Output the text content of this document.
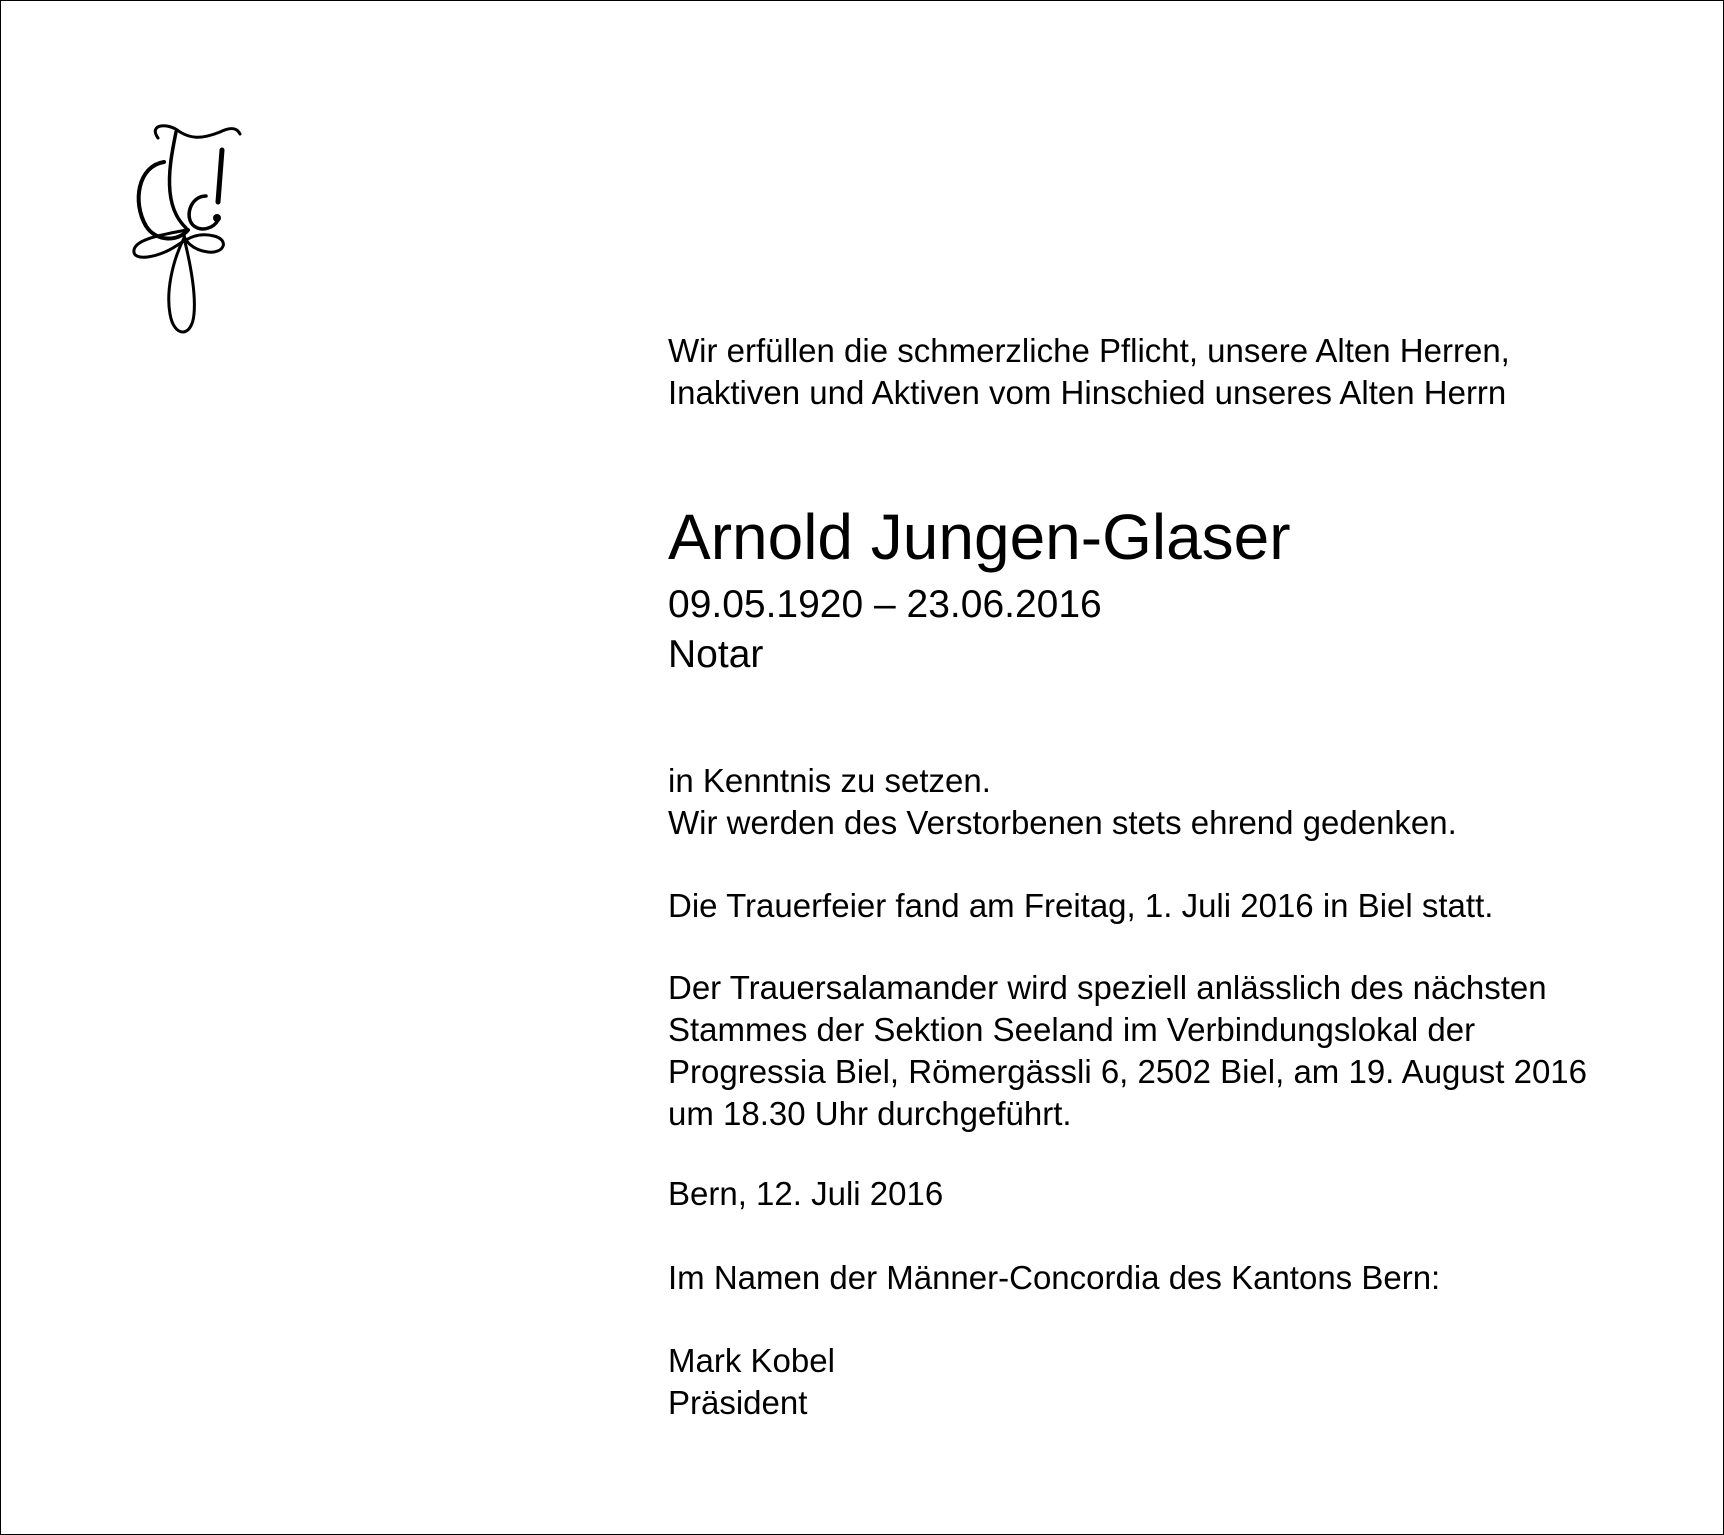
Wir erfüllen die schmerzliche Pflicht, unsere Alten Herren,
Inaktiven und Aktiven vom Hinschied unseres Alten Herrn
Arnold Jungen-Glaser
09.05.1920 – 23.06.2016
Notar
in Kenntnis zu setzen.
Wir werden des Verstorbenen stets ehrend gedenken.
Die Trauerfeier fand am Freitag, 1. Juli 2016 in Biel statt.
Der Trauersalamander wird speziell anlässlich des nächsten
Stammes der Sektion Seeland im Verbindungslokal der
Progressia Biel, Römergässli 6, 2502 Biel, am 19. August 2016
um 18.30 Uhr durchgeführt.
Bern, 12. Juli 2016
Im Namen der Männer-Concordia des Kantons Bern:
Mark Kobel
Präsident
